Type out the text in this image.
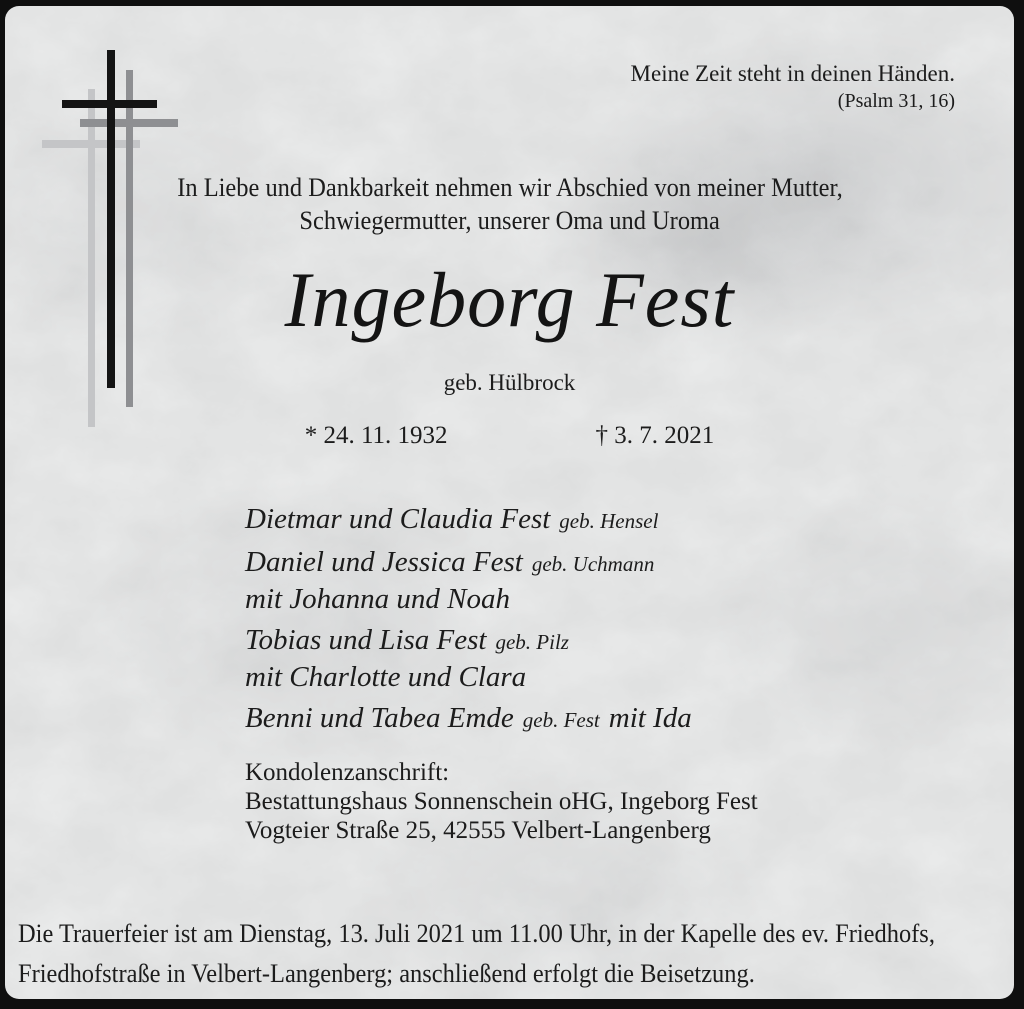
Meine Zeit steht in deinen Händen.
(Psalm 31, 16)
In Liebe und Dankbarkeit nehmen wir Abschied von meiner Mutter,
Schwiegermutter, unserer Oma und Uroma
Ingeborg Fest
geb. Hülbrock
* 24. 11. 1932	† 3. 7. 2021
Dietmar und Claudia Fest geb. Hensel
Daniel und Jessica Fest geb. Uchmann
mit Johanna und Noah
Tobias und Lisa Fest geb. Pilz
mit Charlotte und Clara
Benni und Tabea Emde geb. Fest mit Ida
Kondolenzanschrift:
Bestattungshaus Sonnenschein oHG, Ingeborg Fest
Vogteier Straße 25, 42555 Velbert-Langenberg
Die Trauerfeier ist am Dienstag, 13. Juli 2021 um 11.00 Uhr, in der Kapelle des ev. Friedhofs,
Friedhofstraße in Velbert-Langenberg; anschließend erfolgt die Beisetzung.
